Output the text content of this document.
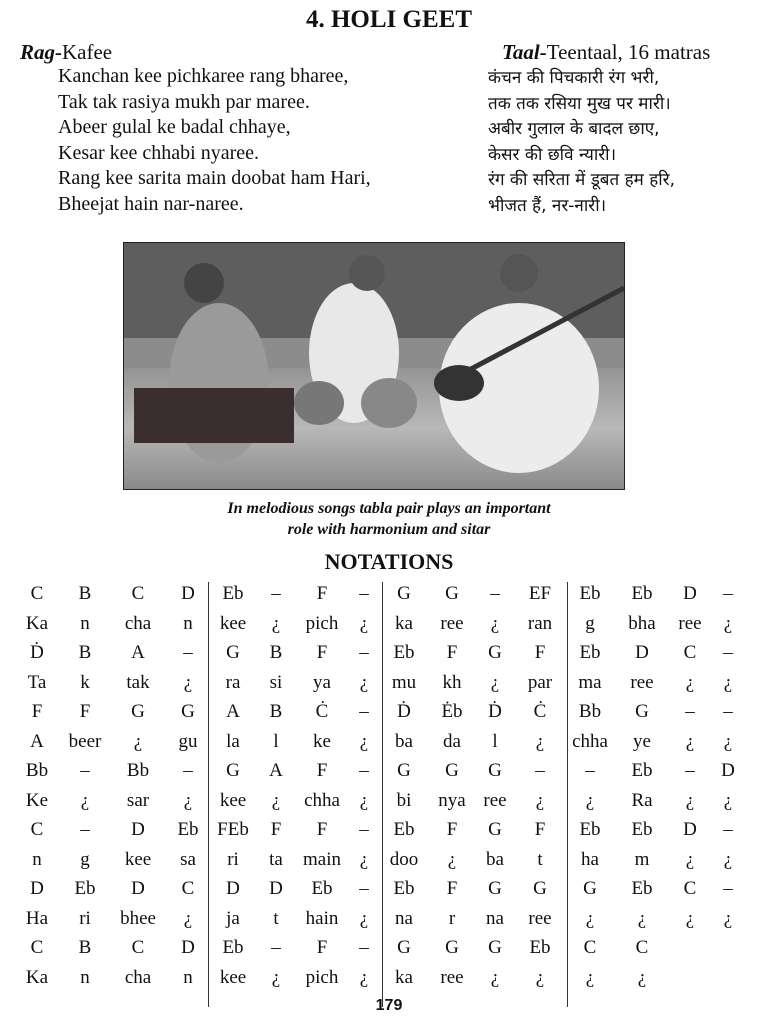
4. HOLI GEET
Rag-Kafee	Taal-Teentaal, 16 matras
Kanchan kee pichkaree rang bharee,
Tak tak rasiya mukh par maree.
Abeer gulal ke badal chhaye,
Kesar kee chhabi nyaree.
Rang kee sarita main doobat ham Hari,
Bheejat hain nar-naree.
कंचन की पिचकारी रंग भरी,
तक तक रसिया मुख पर मारी।
अबीर गुलाल के बादल छाए,
केसर की छवि न्यारी।
रंग की सरिता में डूबत हम हरि,
भीजत हैं, नर-नारी।
In melodious songs tabla pair plays an important
role with harmonium and sitar
NOTATIONS
C B C D Eb – F – G G – EF Eb Eb D –
Ka n cha n kee ¿ pich ¿ ka ree ¿ ran g bha ree ¿
Ḋ B A – G B F – Eb F G F Eb D C –
Ta k tak ¿ ra si ya ¿ mu kh ¿ par ma ree ¿ ¿
F F G G A B Ċ – Ḋ Ėb Ḋ Ċ Bb G – –
A beer ¿ gu la l ke ¿ ba da l ¿ chha ye ¿ ¿
Bb – Bb – G A F – G G G – – Eb – D
Ke ¿ sar ¿ kee ¿ chha ¿ bi nya ree ¿ ¿ Ra ¿ ¿
C – D Eb FEb F F – Eb F G F Eb Eb D –
n g kee sa ri ta main ¿ doo ¿ ba t ha m ¿ ¿
D Eb D C D D Eb – Eb F G G G Eb C –
Ha ri bhee ¿ ja t hain ¿ na r na ree ¿ ¿ ¿ ¿
C B C D Eb – F – G G G Eb C C
Ka n cha n kee ¿ pich ¿ ka ree ¿ ¿ ¿ ¿
179
